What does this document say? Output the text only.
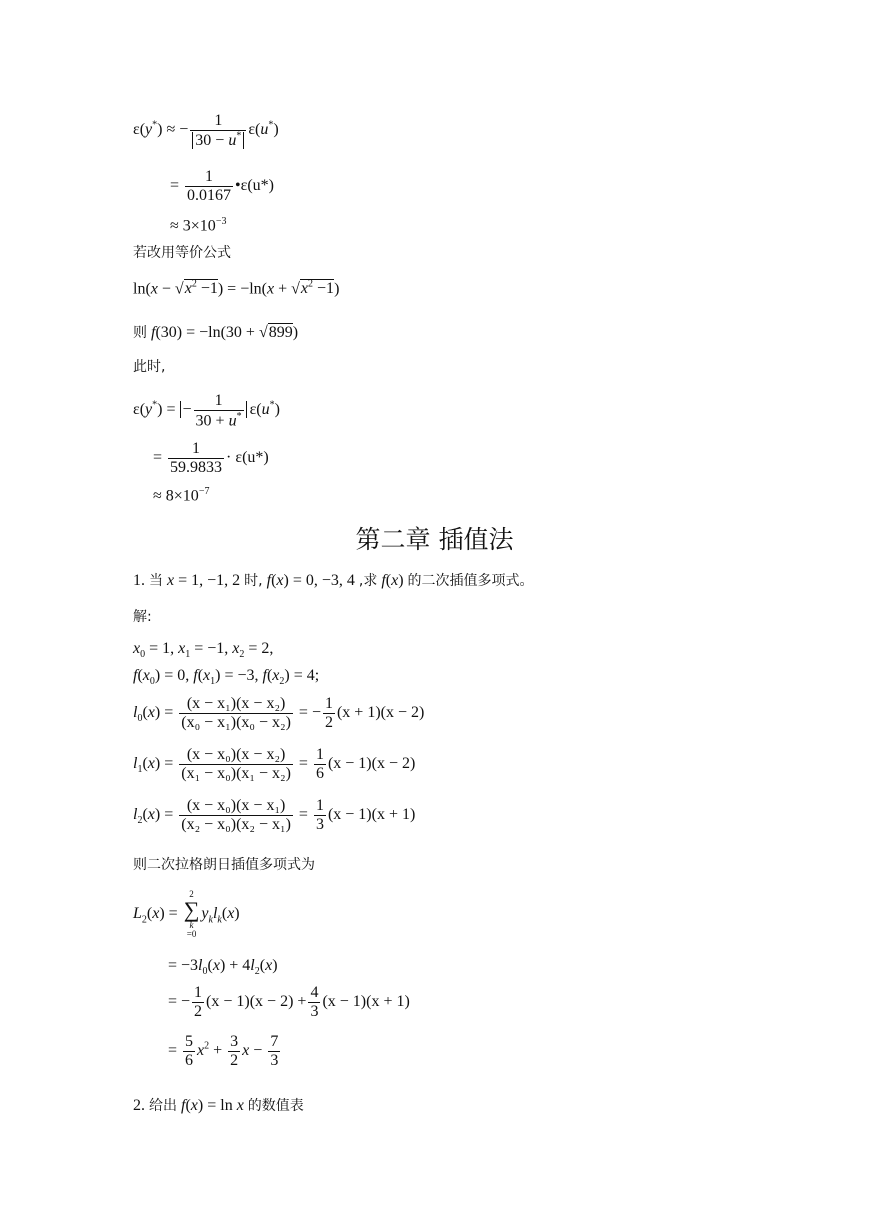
ε(y*) ≈ − $\frac{1}{30 - u^*} \varepsilon(u^*)$
= $\frac{1}{0.0167}$ •ε(u*)
≈ $3\times 10^{-3}$
若改用等价公式
$\ln(x - √x^2 -1) = -\ln(x + √x^2 -1)$
则 f(30) = −ln(30 + √899)
此时,
ε(y*) = − $\frac{1}{30 + u^*} \varepsilon(u^*)$
= $\frac{1}{59.9833} \cdot \varepsilon(u*)$
≈ $8\times 10^{-7}$
第二章 插值法
1. 当 x = 1, −1, 2 时, f(x) = 0, −3, 4 ,求 f(x) 的二次插值多项式。
解:
$x_0 = 1$, $x_1 = -1$, $x_2 = 2$,
$f(x_0) = 0$, $f(x_1) = -3$, $f(x_2) = 4$;
$l_0(x) = \frac{\text{(x − x₁)(x − x₂)}}{\text{(x₀ − x₁)(x₀ − x₂)}}$ = − $\frac{1}{2} (x + 1)(x - 2)$
$l_1(x) = \frac{\text{(x − x₀)(x − x₂)}}{\text{(x₁ − x₀)(x₁ − x₂)}} = \frac{1}{6} (x - 1)(x - 2)$
$l_2(x) = \frac{\text{(x − x₀)(x − x₁)}}{\text{(x₂ − x₀)(x₂ − x₁)}} = \frac{1}{3} (x - 1)(x + 1)$
则二次拉格朗日插值多项式为
$L_2(x)$ =
2
∑
k
=0
$y_kl_k(x)$
= $-3l_0(x) + 4l_2(x)$
= − $\frac{1}{2} (x - 1)(x - 2) + \frac{4}{3} (x - 1)(x + 1)$
= $\frac{5}{6} x^2 + \frac{3}{2}$ $x - \frac{7}{3}$
2. 给出 f(x) = ln x 的数值表
